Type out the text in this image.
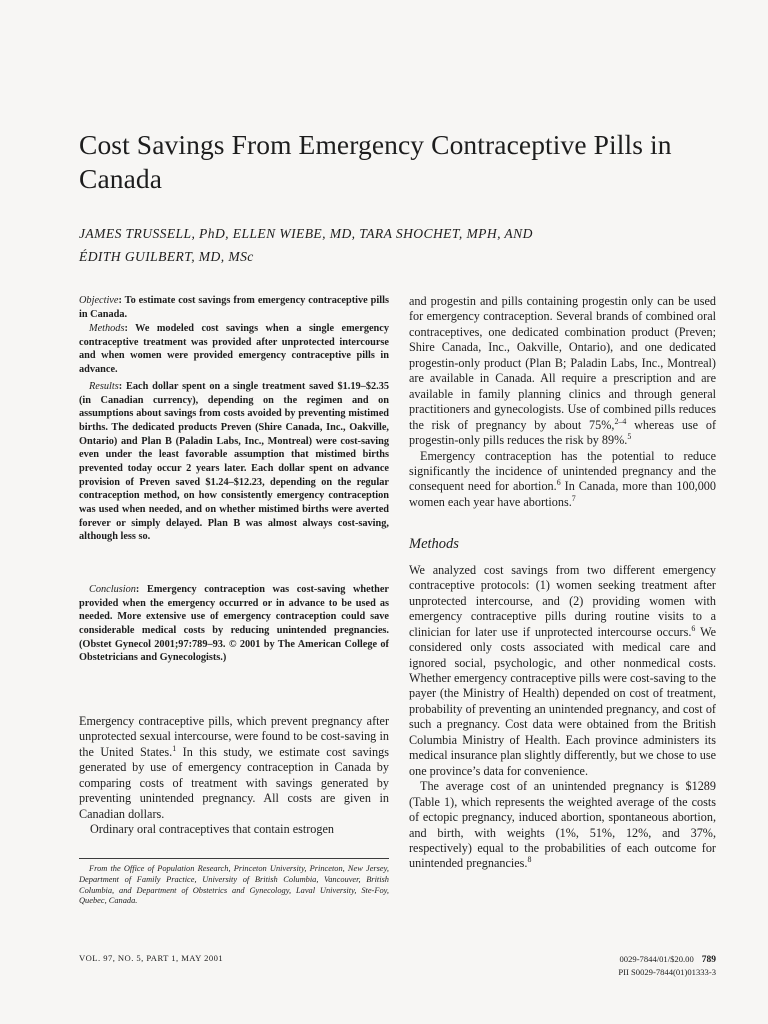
Cost Savings From Emergency Contraceptive Pills in Canada
JAMES TRUSSELL, PhD, ELLEN WIEBE, MD, TARA SHOCHET, MPH, AND
ÉDITH GUILBERT, MD, MSc

Objective: To estimate cost savings from emergency contraceptive pills in Canada.

Methods: We modeled cost savings when a single emergency contraceptive treatment was provided after unprotected intercourse and when women were provided emergency contraceptive pills in advance.

Results: Each dollar spent on a single treatment saved $1.19–$2.35 (in Canadian currency), depending on the regimen and on assumptions about savings from costs avoided by preventing mistimed births. The dedicated products Preven (Shire Canada, Inc., Oakville, Ontario) and Plan B (Paladin Labs, Inc., Montreal) were cost-saving even under the least favorable assumption that mistimed births prevented today occur 2 years later. Each dollar spent on advance provision of Preven saved $1.24–$12.23, depending on the regular contraception method, on how consistently emergency contraception was used when needed, and on whether mistimed births were averted forever or simply delayed. Plan B was almost always cost-saving, although less so.

Conclusion: Emergency contraception was cost-saving whether provided when the emergency occurred or in advance to be used as needed. More extensive use of emergency contraception could save considerable medical costs by reducing unintended pregnancies. (Obstet Gynecol 2001;97:789–93. © 2001 by The American College of Obstetricians and Gynecologists.)

Emergency contraceptive pills, which prevent pregnancy after unprotected sexual intercourse, were found to be cost-saving in the United States.$^1$ In this study, we estimate cost savings generated by use of emergency contraception in Canada by comparing costs of treatment with savings generated by preventing unintended pregnancy. All costs are given in Canadian dollars.

Ordinary oral contraceptives that contain estrogen

From the Office of Population Research, Princeton University, Princeton, New Jersey, Department of Family Practice, University of British Columbia, Vancouver, British Columbia, and Department of Obstetrics and Gynecology, Laval University, Ste-Foy, Quebec, Canada.

and progestin and pills containing progestin only can be used for emergency contraception. Several brands of combined oral contraceptives, one dedicated combination product (Preven; Shire Canada, Inc., Oakville, Ontario), and one dedicated progestin-only product (Plan B; Paladin Labs, Inc., Montreal) are available in Canada. All require a prescription and are available in family planning clinics and through general practitioners and gynecologists. Use of combined pills reduces the risk of pregnancy by about 75%,$^{2-4}$ whereas use of progestin-only pills reduces the risk by 89%.$^5$

Emergency contraception has the potential to reduce significantly the incidence of unintended pregnancy and the consequent need for abortion.$^6$ In Canada, more than 100,000 women each year have abortions.$^7$

Methods

We analyzed cost savings from two different emergency contraceptive protocols: (1) women seeking treatment after unprotected intercourse, and (2) providing women with emergency contraceptive pills during routine visits to a clinician for later use if unprotected intercourse occurs.$^6$ We considered only costs associated with medical care and ignored social, psychologic, and other nonmedical costs. Whether emergency contraceptive pills were cost-saving to the payer (the Ministry of Health) depended on cost of treatment, probability of preventing an unintended pregnancy, and cost of such a pregnancy. Cost data were obtained from the British Columbia Ministry of Health. Each province administers its medical insurance plan slightly differently, but we chose to use one province’s data for convenience.

The average cost of an unintended pregnancy is $1289 (Table 1), which represents the weighted average of the costs of ectopic pregnancy, induced abortion, spontaneous abortion, and birth, with weights (1%, 51%, 12%, and 37%, respectively) equal to the probabilities of each outcome for unintended pregnancies.$^8$

VOL. 97, NO. 5, PART 1, MAY 2001	0029-7844/01/$20.00 789
PII S0029-7844(01)01333-3
